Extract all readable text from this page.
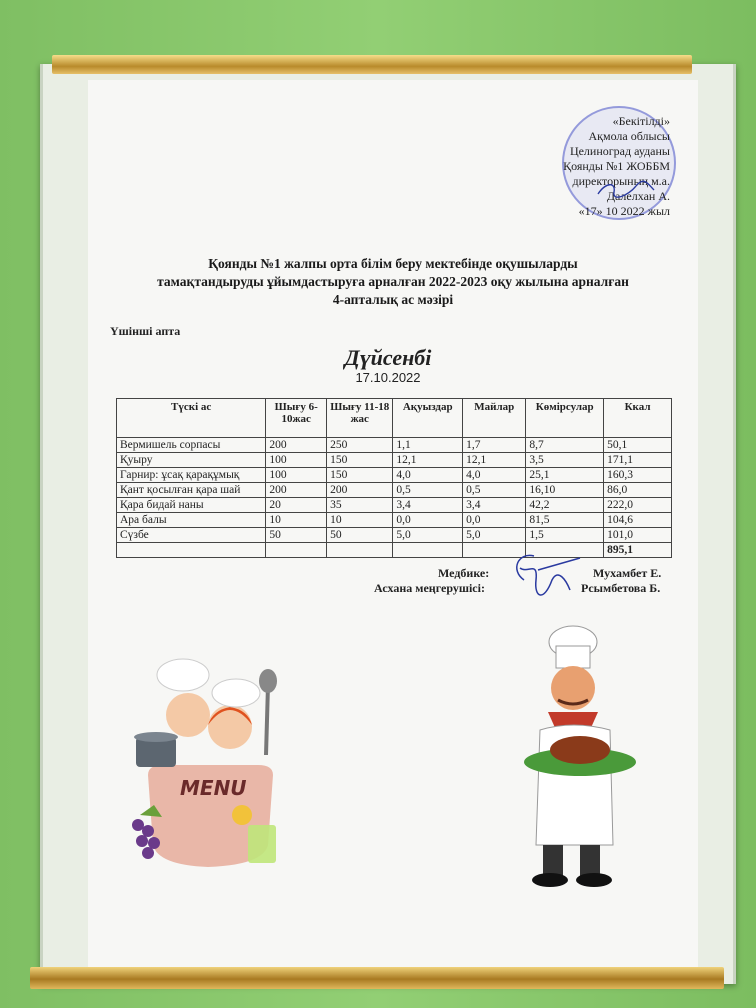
«Бекітілді»
Ақмола облысы
Целиноград ауданы
Қоянды №1 ЖОББМ
директорының м.а.
Далелхан А.
«17» 10 2022 жыл
Қоянды №1 жалпы орта білім беру мектебінде оқушыларды
тамақтандыруды ұйымдастыруға арналған 2022-2023 оқу жылына арналған
4-апталық ас мәзірі
Үшінші апта
Дүйсенбі
17.10.2022
Түскі ас	Шығу 6-10жас	Шығу 11-18 жас	Ақуыздар	Майлар	Көмірсулар	Ккал
Вермишель сорпасы	200	250	1,1	1,7	8,7	50,1
Қуыру	100	150	12,1	12,1	3,5	171,1
Гарнир: ұсақ қарақұмық	100	150	4,0	4,0	25,1	160,3
Қант қосылған қара шай	200	200	0,5	0,5	16,10	86,0
Қара бидай наны	20	35	3,4	3,4	42,2	222,0
Ара балы	10	10	0,0	0,0	81,5	104,6
Сүзбе	50	50	5,0	5,0	1,5	101,0
						895,1
Медбике:	Мухамбет Е.
Асхана меңгерушісі:	Рсымбетова Б.
MENU
